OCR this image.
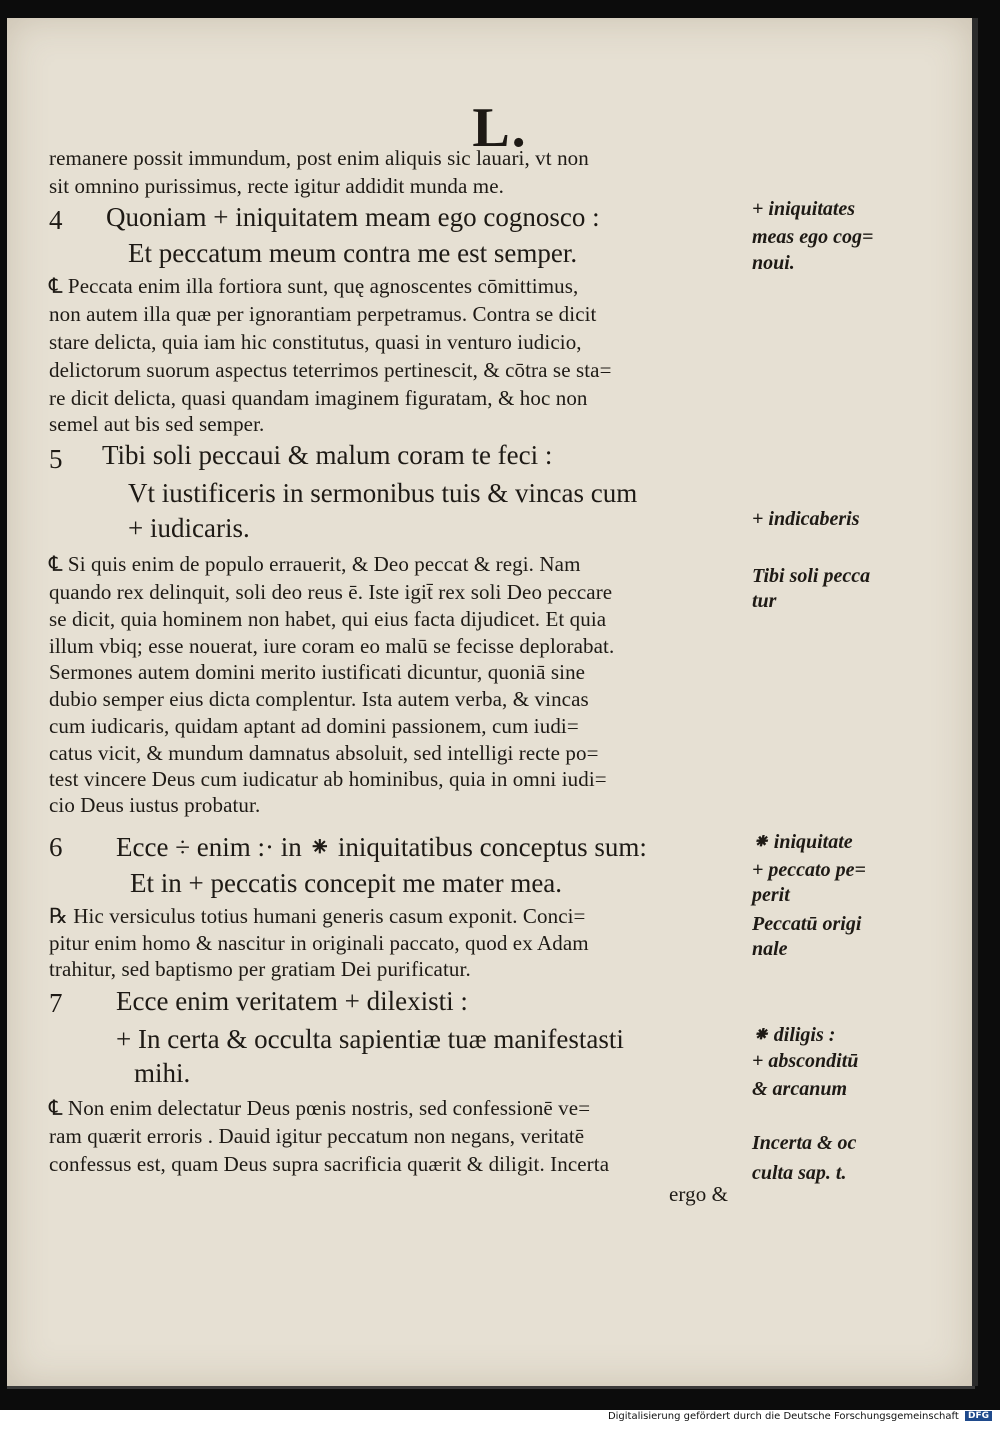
L.
remanere possit immundum, post enim aliquis sic lauari, vt non
sit omnino purissimus, recte igitur addidit munda me.
4 Quoniam + iniquitatem meam ego cognosco :
Et peccatum meum contra me est semper.
℄ Peccata enim illa fortiora sunt, quę agnoscentes cōmittimus,
non autem illa quæ per ignorantiam perpetramus. Contra se dicit
stare delicta, quia iam hic constitutus, quasi in venturo iudicio,
delictorum suorum aspectus teterrimos pertinescit, & cōtra se sta=
re dicit delicta, quasi quandam imaginem figuratam, & hoc non
semel aut bis sed semper.
5 Tibi soli peccaui & malum coram te feci :
Vt iustificeris in sermonibus tuis & vincas cum
+ iudicaris.
℄ Si quis enim de populo errauerit, & Deo peccat & regi. Nam
quando rex delinquit, soli deo reus ē. Iste igit̄ rex soli Deo peccare
se dicit, quia hominem non habet, qui eius facta dijudicet. Et quia
illum vbiq; esse nouerat, iure coram eo malū se fecisse deplorabat.
Sermones autem domini merito iustificati dicuntur, quoniā sine
dubio semper eius dicta complentur. Ista autem verba, & vincas
cum iudicaris, quidam aptant ad domini passionem, cum iudi=
catus vicit, & mundum damnatus absoluit, sed intelligi recte po=
test vincere Deus cum iudicatur ab hominibus, quia in omni iudi=
cio Deus iustus probatur.
6 Ecce ÷ enim :· in ⁕ iniquitatibus conceptus sum:
Et in + peccatis concepit me mater mea.
℞ Hic versiculus totius humani generis casum exponit. Conci=
pitur enim homo & nascitur in originali paccato, quod ex Adam
trahitur, sed baptismo per gratiam Dei purificatur.
7 Ecce enim veritatem + dilexisti :
+ In certa & occulta sapientiæ tuæ manifestasti
mihi.
℄ Non enim delectatur Deus pœnis nostris, sed confessionē ve=
ram quærit erroris . Dauid igitur peccatum non negans, veritatē
confessus est, quam Deus supra sacrificia quærit & diligit. Incerta
ergo &
+ iniquitates
meas ego cog=
noui.
+ indicaberis
Tibi soli pecca
tur
⁕ iniquitate
+ peccato pe=
perit
Peccatū origi
nale
⁕ diligis :
+ absconditū
& arcanum
Incerta & oc
culta sap. t.
Digitalisierung gefördert durch die Deutsche Forschungsgemeinschaft DFG
